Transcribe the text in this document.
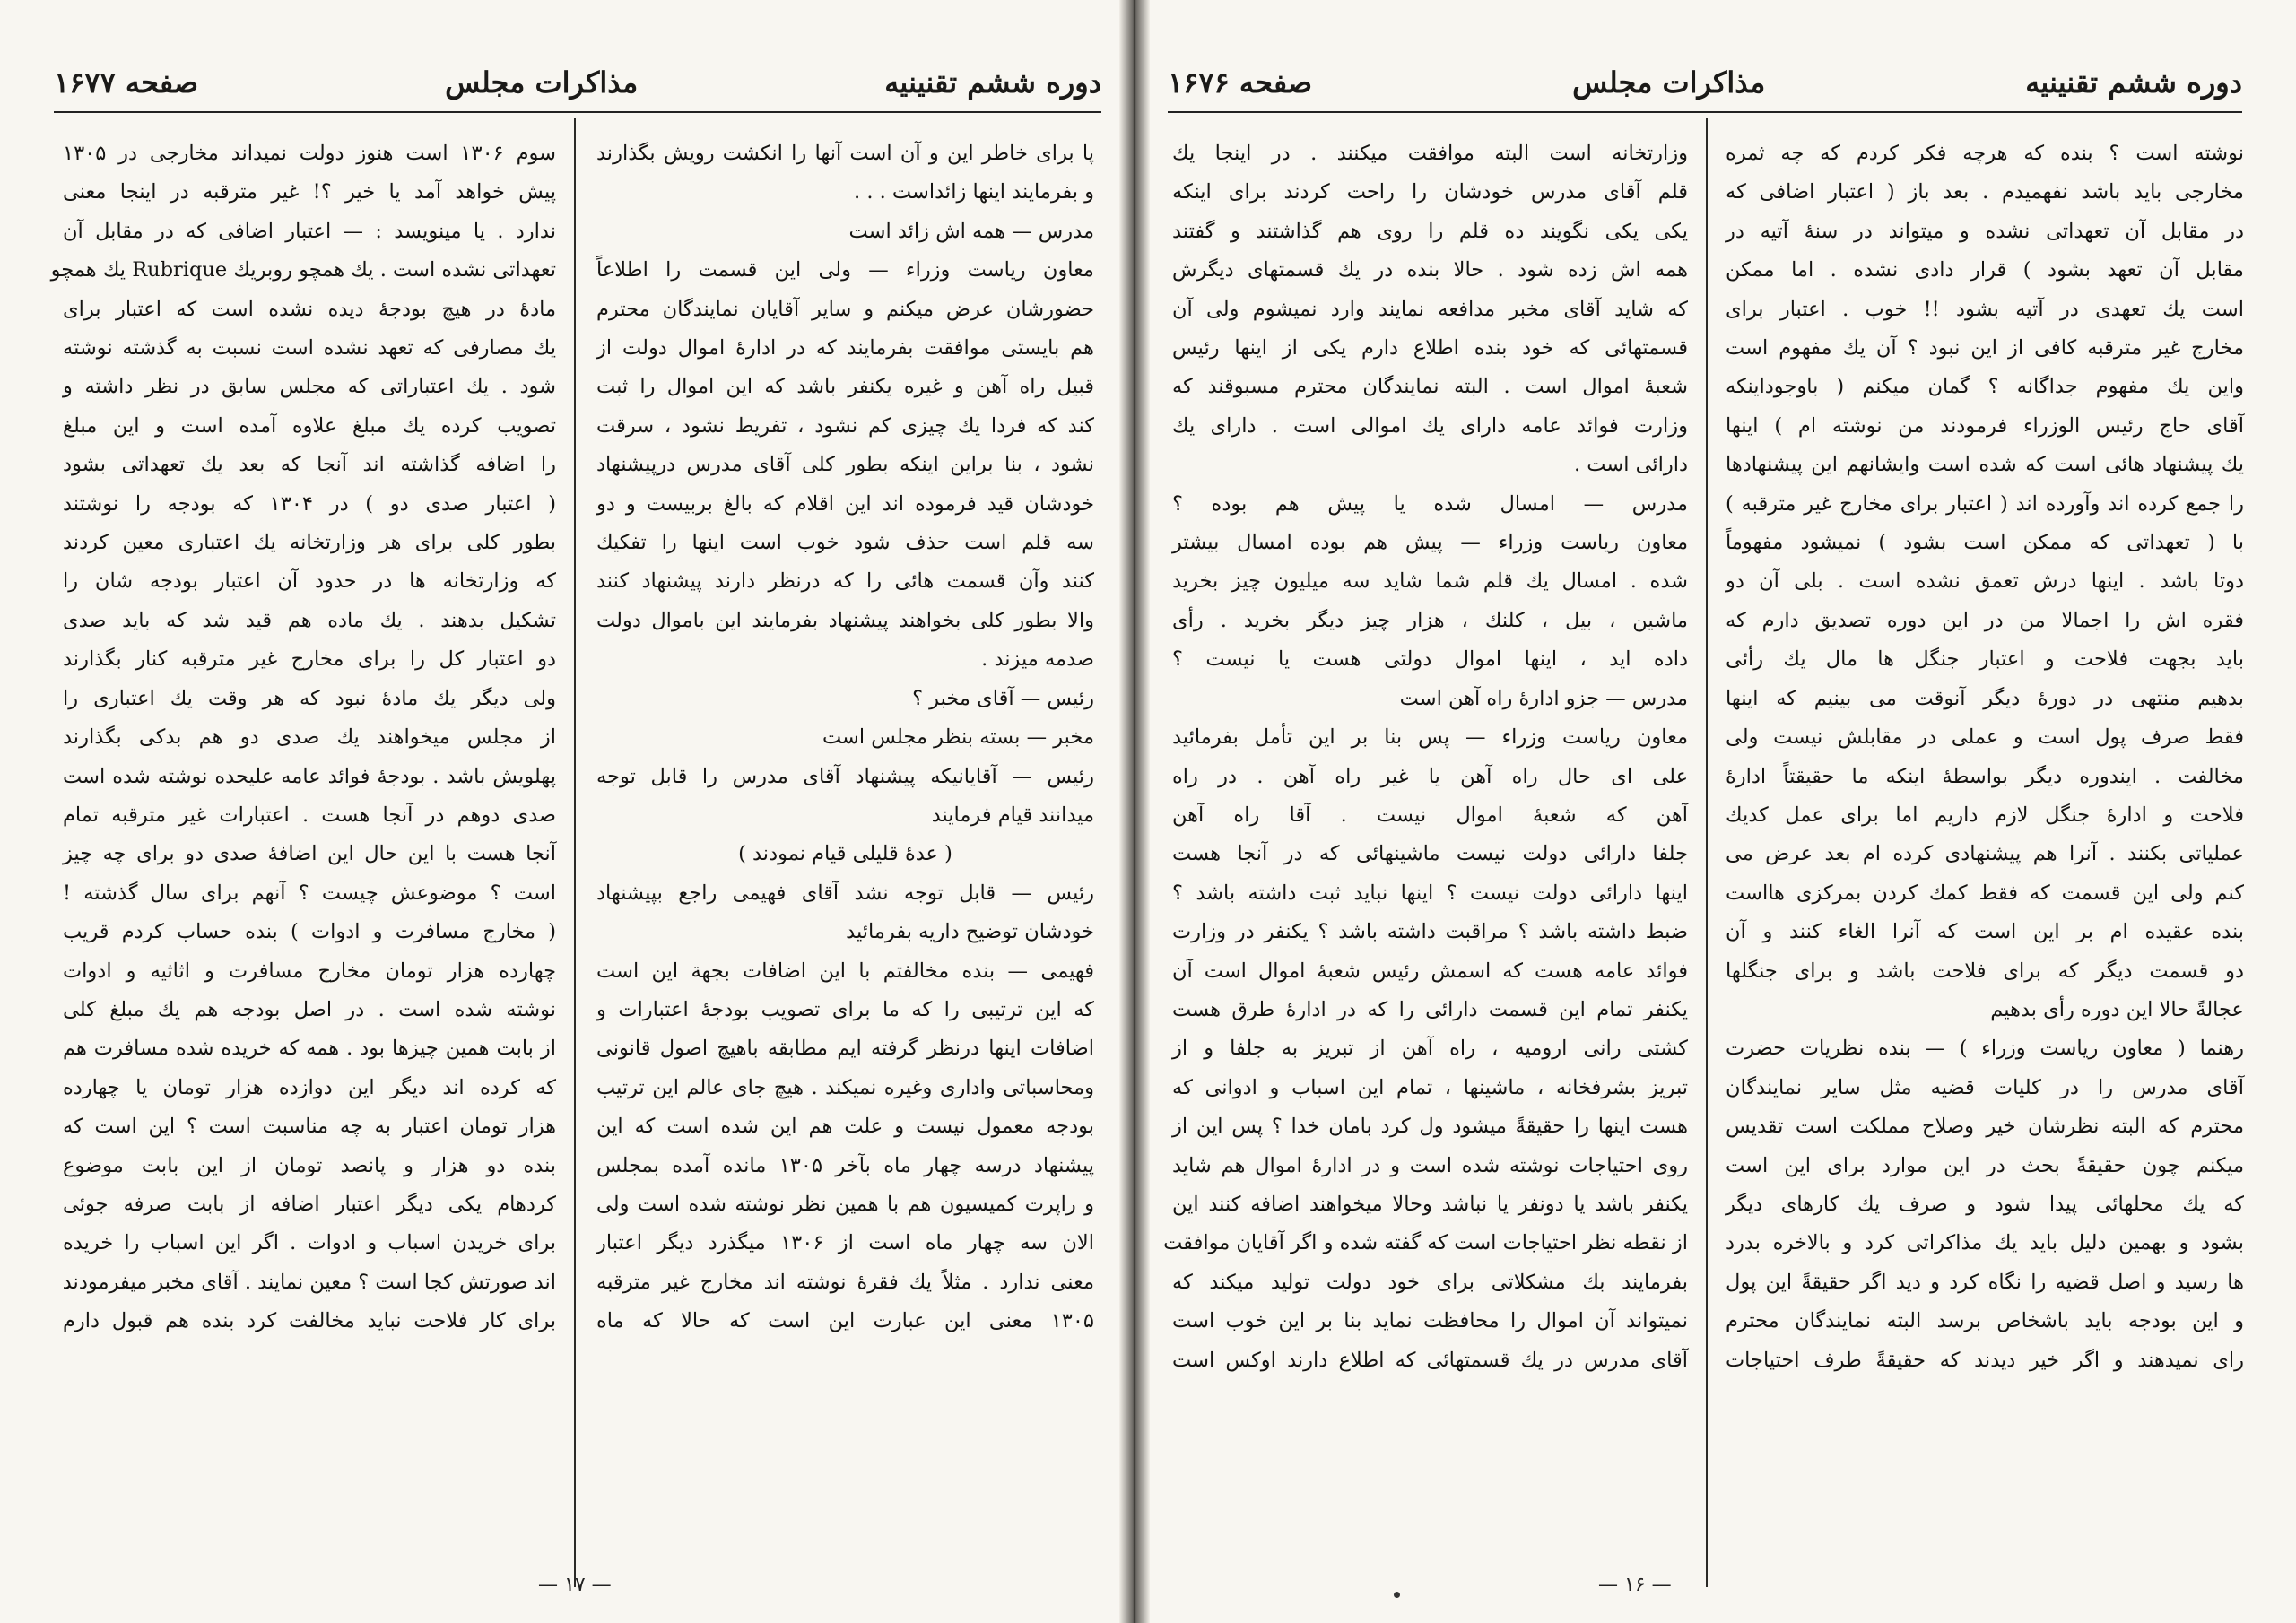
دوره ششم تقنینیه
مذاکرات مجلس
صفحه ۱۶۷۷
پا برای خاطر این و آن است آنها را انکشت رویش بگذارند
و بفرمایند اینها زائداست . . .
مدرس — همه اش زائد است
معاون ریاست وزراء — ولی این قسمت را اطلاعاً
حضورشان عرض میکنم و سایر آقایان نمایندگان محترم
هم بایستی موافقت بفرمایند که در ادارهٔ اموال دولت از
قبیل راه آهن و غیره یکنفر باشد که این اموال را ثبت
کند که فردا یك چیزی کم نشود ، تفریط نشود ، سرقت
نشود ، بنا براین اینکه بطور کلی آقای مدرس درپیشنهاد
خودشان قید فرموده اند این اقلام که بالغ بربیست و دو
سه قلم است حذف شود خوب است اینها را تفکیك
کنند وآن قسمت هائی را که درنظر دارند پیشنهاد کنند
والا بطور کلی بخواهند پیشنهاد بفرمایند این باموال دولت
صدمه میزند .
رئیس — آقای مخبر ؟
مخبر — بسته بنظر مجلس است
رئیس — آقایانیکه پیشنهاد آقای مدرس را قابل توجه
میدانند قیام فرمایند
( عدهٔ قلیلی قیام نمودند )
رئیس — قابل توجه نشد آقای فهیمی راجع بپیشنهاد
خودشان توضیح داریه بفرمائید
فهیمی — بنده مخالفتم با این اضافات بجهة این است
که این ترتیبی را که ما برای تصویب بودجهٔ اعتبارات و
اضافات اینها درنظر گرفته ایم مطابقه باهیچ اصول قانونی
ومحاسباتی واداری وغیره نمیکند . هیچ جای عالم این ترتیب
بودجه معمول نیست و علت هم این شده است که این
پیشنهاد درسه چهار ماه بآخر ۱۳۰۵ مانده آمده بمجلس
و راپرت کمیسیون هم با همین نظر نوشته شده است ولی
الان سه چهار ماه است از ۱۳۰۶ میگذرد دیگر اعتبار
معنی ندارد . مثلاً یك فقرهٔ نوشته اند مخارج غیر مترقبه
۱۳۰۵ معنی این عبارت این است که حالا که ماه
سوم ۱۳۰۶ است هنوز دولت نمیداند مخارجی در ۱۳۰۵
پیش خواهد آمد یا خیر ؟! غیر مترقبه در اینجا معنی
ندارد . یا مینویسد : — اعتبار اضافی که در مقابل آن
تعهداتی نشده است . یك همچو روبریك Rubrique یك همچو
مادهٔ در هیچ بودجهٔ دیده نشده است که اعتبار برای
یك مصارفی که تعهد نشده است نسبت به گذشته نوشته
شود . یك اعتباراتی که مجلس سابق در نظر داشته و
تصویب کرده یك مبلغ علاوه آمده است و این مبلغ
را اضافه گذاشته اند آنجا که بعد یك تعهداتی بشود
( اعتبار صدی دو ) در ۱۳۰۴ که بودجه را نوشتند
بطور کلی برای هر وزارتخانه یك اعتباری معین کردند
که وزارتخانه ها در حدود آن اعتبار بودجه شان را
تشکیل بدهند . یك ماده هم قید شد که باید صدی
دو اعتبار کل را برای مخارج غیر مترقبه کنار بگذارند
ولی دیگر یك مادهٔ نبود که هر وقت یك اعتباری را
از مجلس میخواهند یك صدی دو هم بدکی بگذارند
پهلویش باشد . بودجهٔ فوائد عامه علیحده نوشته شده است
صدی دوهم در آنجا هست . اعتبارات غیر مترقبه تمام
آنجا هست با این حال این اضافهٔ صدی دو برای چه چیز
است ؟ موضوعش چیست ؟ آنهم برای سال گذشته !
( مخارج مسافرت و ادوات ) بنده حساب کردم قریب
چهارده هزار تومان مخارج مسافرت و اثاثیه و ادوات
نوشته شده است . در اصل بودجه هم یك مبلغ کلی
از بابت همین چیزها بود . همه که خریده شده مسافرت هم
که کرده اند دیگر این دوازده هزار تومان یا چهارده
هزار تومان اعتبار به چه مناسبت است ؟ این است که
بنده دو هزار و پانصد تومان از این بابت موضوع
کردهام یکی دیگر اعتبار اضافه از بابت صرفه جوئی
برای خریدن اسباب و ادوات . اگر این اسباب را خریده
اند صورتش کجا است ؟ معین نمایند . آقای مخبر میفرمودند
برای کار فلاحت نباید مخالفت کرد بنده هم قبول دارم
— ۱۷ —
دوره ششم تقنینیه
مذاکرات مجلس
صفحه ۱۶۷۶
نوشته است ؟ بنده که هرچه فکر کردم که چه ثمره
مخارجی باید باشد نفهمیدم . بعد باز ( اعتبار اضافی که
در مقابل آن تعهداتی نشده و میتواند در سنهٔ آتیه در
مقابل آن تعهد بشود ) قرار دادی نشده . اما ممکن
است یك تعهدی در آتیه بشود !! خوب . اعتبار برای
مخارج غیر مترقبه کافی از این نبود ؟ آن یك مفهوم است
واین یك مفهوم جداگانه ؟ گمان میکنم ( باوجوداینکه
آقای حاج رئیس الوزراء فرمودند من نوشته ام ) اینها
یك پیشنهاد هائی است که شده است وایشانهم این پیشنهادها
را جمع کرده اند وآورده اند ( اعتبار برای مخارج غیر مترقبه )
با ( تعهداتی که ممکن است بشود ) نمیشود مفهوماً
دوتا باشد . اینها درش تعمق نشده است . بلی آن دو
فقره اش را اجمالا من در این دوره تصدیق دارم که
باید بجهت فلاحت و اعتبار جنگل ها مال یك رأئی
بدهیم منتهی در دورهٔ دیگر آنوقت می بینیم که اینها
فقط صرف پول است و عملی در مقابلش نیست ولی
مخالفت . ایندوره دیگر بواسطهٔ اینکه ما حقیقتاً ادارهٔ
فلاحت و ادارهٔ جنگل لازم داریم اما برای عمل کدیك
عملیاتی بکنند . آنرا هم پیشنهادی کرده ام بعد عرض می
کنم ولی این قسمت که فقط کمك کردن بمرکزی هااست
بنده عقیده ام بر این است که آنرا الغاء کنند و آن
دو قسمت دیگر که برای فلاحت باشد و برای جنگلها
عجالةً حالا این دوره رأی بدهیم
رهنما ( معاون ریاست وزراء ) — بنده نظریات حضرت
آقای مدرس را در کلیات قضیه مثل سایر نمایندگان
محترم که البته نظرشان خیر وصلاح مملکت است تقدیس
میکنم چون حقیقةً بحث در این موارد برای این است
که یك محلهائی پیدا شود و صرف یك کارهای دیگر
بشود و بهمین دلیل باید یك مذاکراتی کرد و بالاخره بدرد
ها رسید و اصل قضیه را نگاه کرد و دید اگر حقیقةً این پول
و این بودجه باید باشخاص برسد البته نمایندگان محترم
رای نمیدهند و اگر خیر دیدند که حقیقةً طرف احتیاجات
وزارتخانه است البته موافقت میکنند . در اینجا یك
قلم آقای مدرس خودشان را راحت کردند برای اینکه
یکی یکی نگویند ده قلم را روی هم گذاشتند و گفتند
همه اش زده شود . حالا بنده در یك قسمتهای دیگرش
که شاید آقای مخبر مدافعه نمایند وارد نمیشوم ولی آن
قسمتهائی که خود بنده اطلاع دارم یکی از اینها رئیس
شعبهٔ اموال است . البته نمایندگان محترم مسبوقند که
وزارت فوائد عامه دارای یك اموالی است . دارای یك
دارائی است .
مدرس — امسال شده یا پیش هم بوده ؟
معاون ریاست وزراء — پیش هم بوده امسال بیشتر
شده . امسال یك قلم شما شاید سه میلیون چیز بخرید
ماشین ، بیل ، کلنك ، هزار چیز دیگر بخرید . رأی
داده اید ، اینها اموال دولتی هست یا نیست ؟
مدرس — جزو ادارهٔ راه آهن است
معاون ریاست وزراء — پس بنا بر این تأمل بفرمائید
علی ای حال راه آهن یا غیر راه آهن . در راه
آهن که شعبهٔ اموال نیست . آقا راه آهن
جلفا دارائی دولت نیست ماشینهائی که در آنجا هست
اینها دارائی دولت نیست ؟ اینها نباید ثبت داشته باشد ؟
ضبط داشته باشد ؟ مراقبت داشته باشد ؟ یکنفر در وزارت
فوائد عامه هست که اسمش رئیس شعبهٔ اموال است آن
یکنفر تمام این قسمت دارائی را که در ادارهٔ طرق هست
کشتی رانی ارومیه ، راه آهن از تبریز به جلفا و از
تبریز بشرفخانه ، ماشینها ، تمام این اسباب و ادوانی که
هست اینها را حقیقةً میشود ول کرد بامان خدا ؟ پس این از
روی احتیاجات نوشته شده است و در ادارهٔ اموال هم شاید
یکنفر باشد یا دونفر یا نباشد وحالا میخواهند اضافه کنند این
از نقطه نظر احتیاجات است که گفته شده و اگر آقایان موافقت
بفرمایند بك مشکلاتی برای خود دولت تولید میکند که
نمیتواند آن اموال را محافظت نماید بنا بر این خوب است
آقای مدرس در یك قسمتهائی که اطلاع دارند اوکس است
— ۱۶ —
